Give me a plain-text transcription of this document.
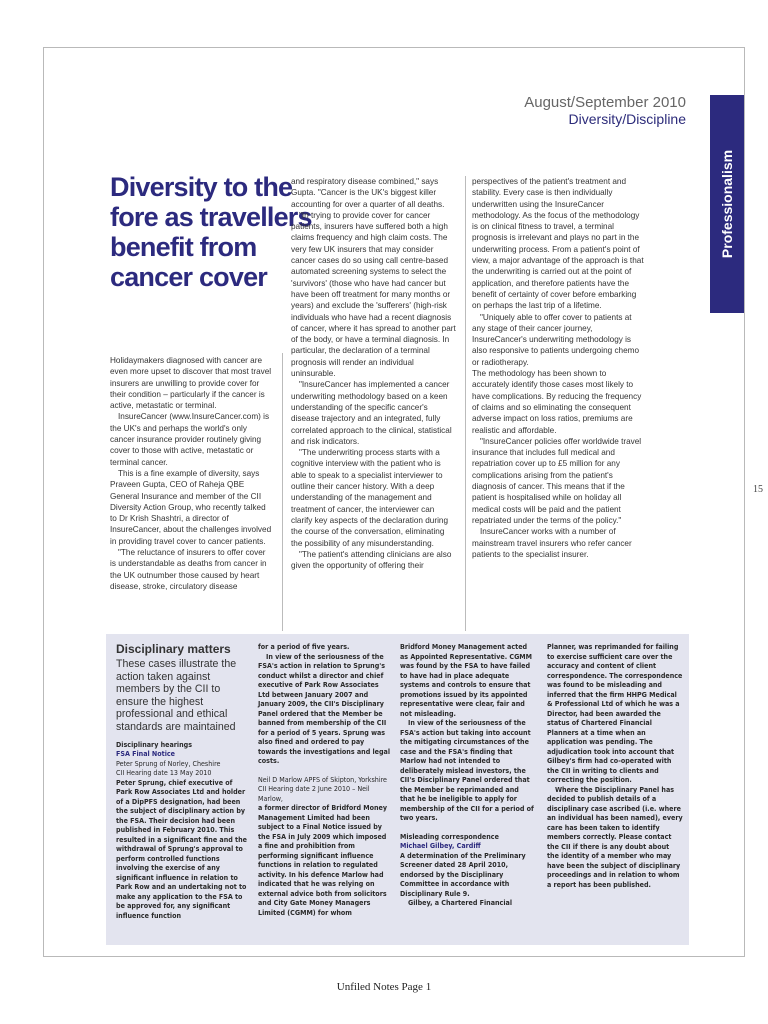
August/September 2010
Diversity/Discipline
Professionalism
15
Diversity to the fore as travellers benefit from cancer cover

Holidaymakers diagnosed with cancer are even more upset to discover that most travel insurers are unwilling to provide cover for their condition – particularly if the cancer is active, metastatic or terminal.

InsureCancer (www.InsureCancer.com) is the UK's and perhaps the world's only cancer insurance provider routinely giving cover to those with active, metastatic or terminal cancer.

This is a fine example of diversity, says Praveen Gupta, CEO of Raheja QBE General Insurance and member of the CII Diversity Action Group, who recently talked to Dr Krish Shashtri, a director of InsureCancer, about the challenges involved in providing travel cover to cancer patients.

"The reluctance of insurers to offer cover is understandable as deaths from cancer in the UK outnumber those caused by heart disease, stroke, circulatory disease

and respiratory disease combined," says Gupta. "Cancer is the UK's biggest killer accounting for over a quarter of all deaths.

"In trying to provide cover for cancer patients, insurers have suffered both a high claims frequency and high claim costs. The very few UK insurers that may consider cancer cases do so using call centre-based automated screening systems to select the 'survivors' (those who have had cancer but have been off treatment for many months or years) and exclude the 'sufferers' (high-risk individuals who have had a recent diagnosis of cancer, where it has spread to another part of the body, or have a terminal diagnosis. In particular, the declaration of a terminal prognosis will render an individual uninsurable.

"InsureCancer has implemented a cancer underwriting methodology based on a keen understanding of the specific cancer's disease trajectory and an integrated, fully correlated approach to the clinical, statistical and risk indicators.

"The underwriting process starts with a cognitive interview with the patient who is able to speak to a specialist interviewer to outline their cancer history. With a deep understanding of the management and treatment of cancer, the interviewer can clarify key aspects of the declaration during the course of the conversation, eliminating the possibility of any misunderstanding.

"The patient's attending clinicians are also given the opportunity of offering their

perspectives of the patient's treatment and stability. Every case is then individually underwritten using the InsureCancer methodology. As the focus of the methodology is on clinical fitness to travel, a terminal prognosis is irrelevant and plays no part in the underwriting process. From a patient's point of view, a major advantage of the approach is that the underwriting is carried out at the point of application, and therefore patients have the benefit of certainty of cover before embarking on perhaps the last trip of a lifetime.

"Uniquely able to offer cover to patients at any stage of their cancer journey, InsureCancer's underwriting methodology is also responsive to patients undergoing chemo or radiotherapy.

The methodology has been shown to accurately identify those cases most likely to have complications. By reducing the frequency of claims and so eliminating the consequent adverse impact on loss ratios, premiums are realistic and affordable.

"InsureCancer policies offer worldwide travel insurance that includes full medical and repatriation cover up to £5 million for any complications arising from the patient's diagnosis of cancer. This means that if the patient is hospitalised while on holiday all medical costs will be paid and the patient repatriated under the terms of the policy."

InsureCancer works with a number of mainstream travel insurers who refer cancer patients to the specialist insurer.

Disciplinary matters
These cases illustrate the action taken against members by the CII to ensure the highest professional and ethical standards are maintained

Disciplinary hearings

FSA Final Notice

Peter Sprung of Norley, Cheshire

CII Hearing date 13 May 2010

Peter Sprung, chief executive of Park Row Associates Ltd and holder of a DipPFS designation, had been the subject of disciplinary action by the FSA. Their decision had been published in February 2010. This resulted in a significant fine and the withdrawal of Sprung's approval to perform controlled functions involving the exercise of any significant influence in relation to Park Row and an undertaking not to make any application to the FSA to be approved for, any significant influence function

for a period of five years.

In view of the seriousness of the FSA's action in relation to Sprung's conduct whilst a director and chief executive of Park Row Associates Ltd between January 2007 and January 2009, the CII's Disciplinary Panel ordered that the Member be banned from membership of the CII for a period of 5 years. Sprung was also fined and ordered to pay towards the investigations and legal costs.

Neil D Marlow APFS of Skipton, Yorkshire

CII Hearing date 2 June 2010 – Neil Marlow,

a former director of Bridford Money Management Limited had been subject to a Final Notice issued by the FSA in July 2009 which imposed a fine and prohibition from performing significant influence functions in relation to regulated activity. In his defence Marlow had indicated that he was relying on external advice both from solicitors and City Gate Money Managers Limited (CGMM) for whom

Bridford Money Management acted as Appointed Representative. CGMM was found by the FSA to have failed to have had in place adequate systems and controls to ensure that promotions issued by its appointed representative were clear, fair and not misleading.

In view of the seriousness of the FSA's action but taking into account the mitigating circumstances of the case and the FSA's finding that Marlow had not intended to deliberately mislead investors, the CII's Disciplinary Panel ordered that the Member be reprimanded and that he be ineligible to apply for membership of the CII for a period of two years.

Misleading correspondence

Michael Gilbey, Cardiff

A determination of the Preliminary Screener dated 28 April 2010, endorsed by the Disciplinary Committee in accordance with Disciplinary Rule 9.

Gilbey, a Chartered Financial

Planner, was reprimanded for failing to exercise sufficient care over the accuracy and content of client correspondence. The correspondence was found to be misleading and inferred that the firm HHPG Medical & Professional Ltd of which he was a Director, had been awarded the status of Chartered Financial Planners at a time when an application was pending. The adjudication took into account that Gilbey's firm had co-operated with the CII in writing to clients and correcting the position.

Where the Disciplinary Panel has decided to publish details of a disciplinary case ascribed (i.e. where an individual has been named), every care has been taken to identify members correctly. Please contact the CII if there is any doubt about the identity of a member who may have been the subject of disciplinary proceedings and in relation to whom a report has been published.

Unfiled Notes Page 1
